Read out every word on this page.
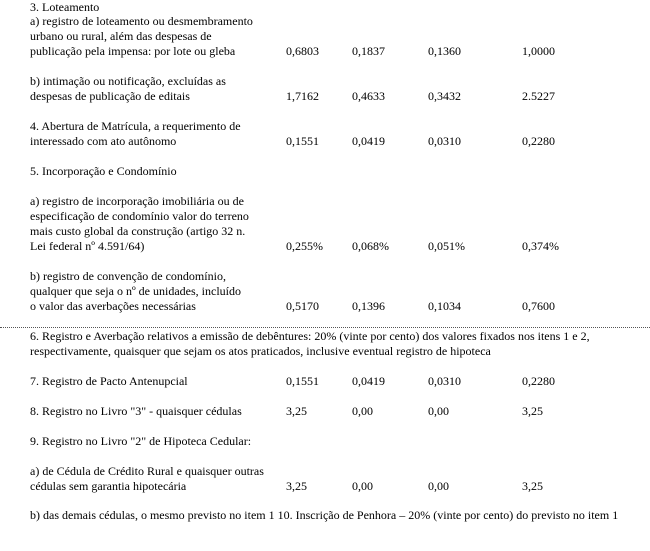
3. Loteamento
a) registro de loteamento ou desmembramento
urbano ou rural, além das despesas de
publicação pela impensa: por lote ou gleba	0,6803	0,1837	0,1360	1,0000
b) intimação ou notificação, excluídas as
despesas de publicação de editais	1,7162	0,4633	0,3432	2.5227
4. Abertura de Matrícula, a requerimento de
interessado com ato autônomo	0,1551	0,0419	0,0310	0,2280
5. Incorporação e Condomínio
a) registro de incorporação imobiliária ou de
especificação de condomínio valor do terreno
mais custo global da construção (artigo 32 n.
Lei federal nº 4.591/64)	0,255% 0,068%	0,051%	0,374%
b) registro de convenção de condomínio,
qualquer que seja o nº de unidades, incluído
o valor das averbações necessárias	0,5170	0,1396	0,1034	0,7600
6. Registro e Averbação relativos a emissão de debêntures: 20% (vinte por cento) dos valores fixados nos itens 1 e 2, respectivamente, quaisquer que sejam os atos praticados, inclusive eventual registro de hipoteca
7. Registro de Pacto Antenupcial	0,1551	0,0419	0,0310	0,2280
8. Registro no Livro "3" - quaisquer cédulas	3,25	0,00	0,00	3,25
9. Registro no Livro "2" de Hipoteca Cedular:
a) de Cédula de Crédito Rural e quaisquer outras
cédulas sem garantia hipotecária	3,25	0,00	0,00	3,25
b) das demais cédulas, o mesmo previsto no item 1 10. Inscrição de Penhora – 20% (vinte por cento) do previsto no item 1
